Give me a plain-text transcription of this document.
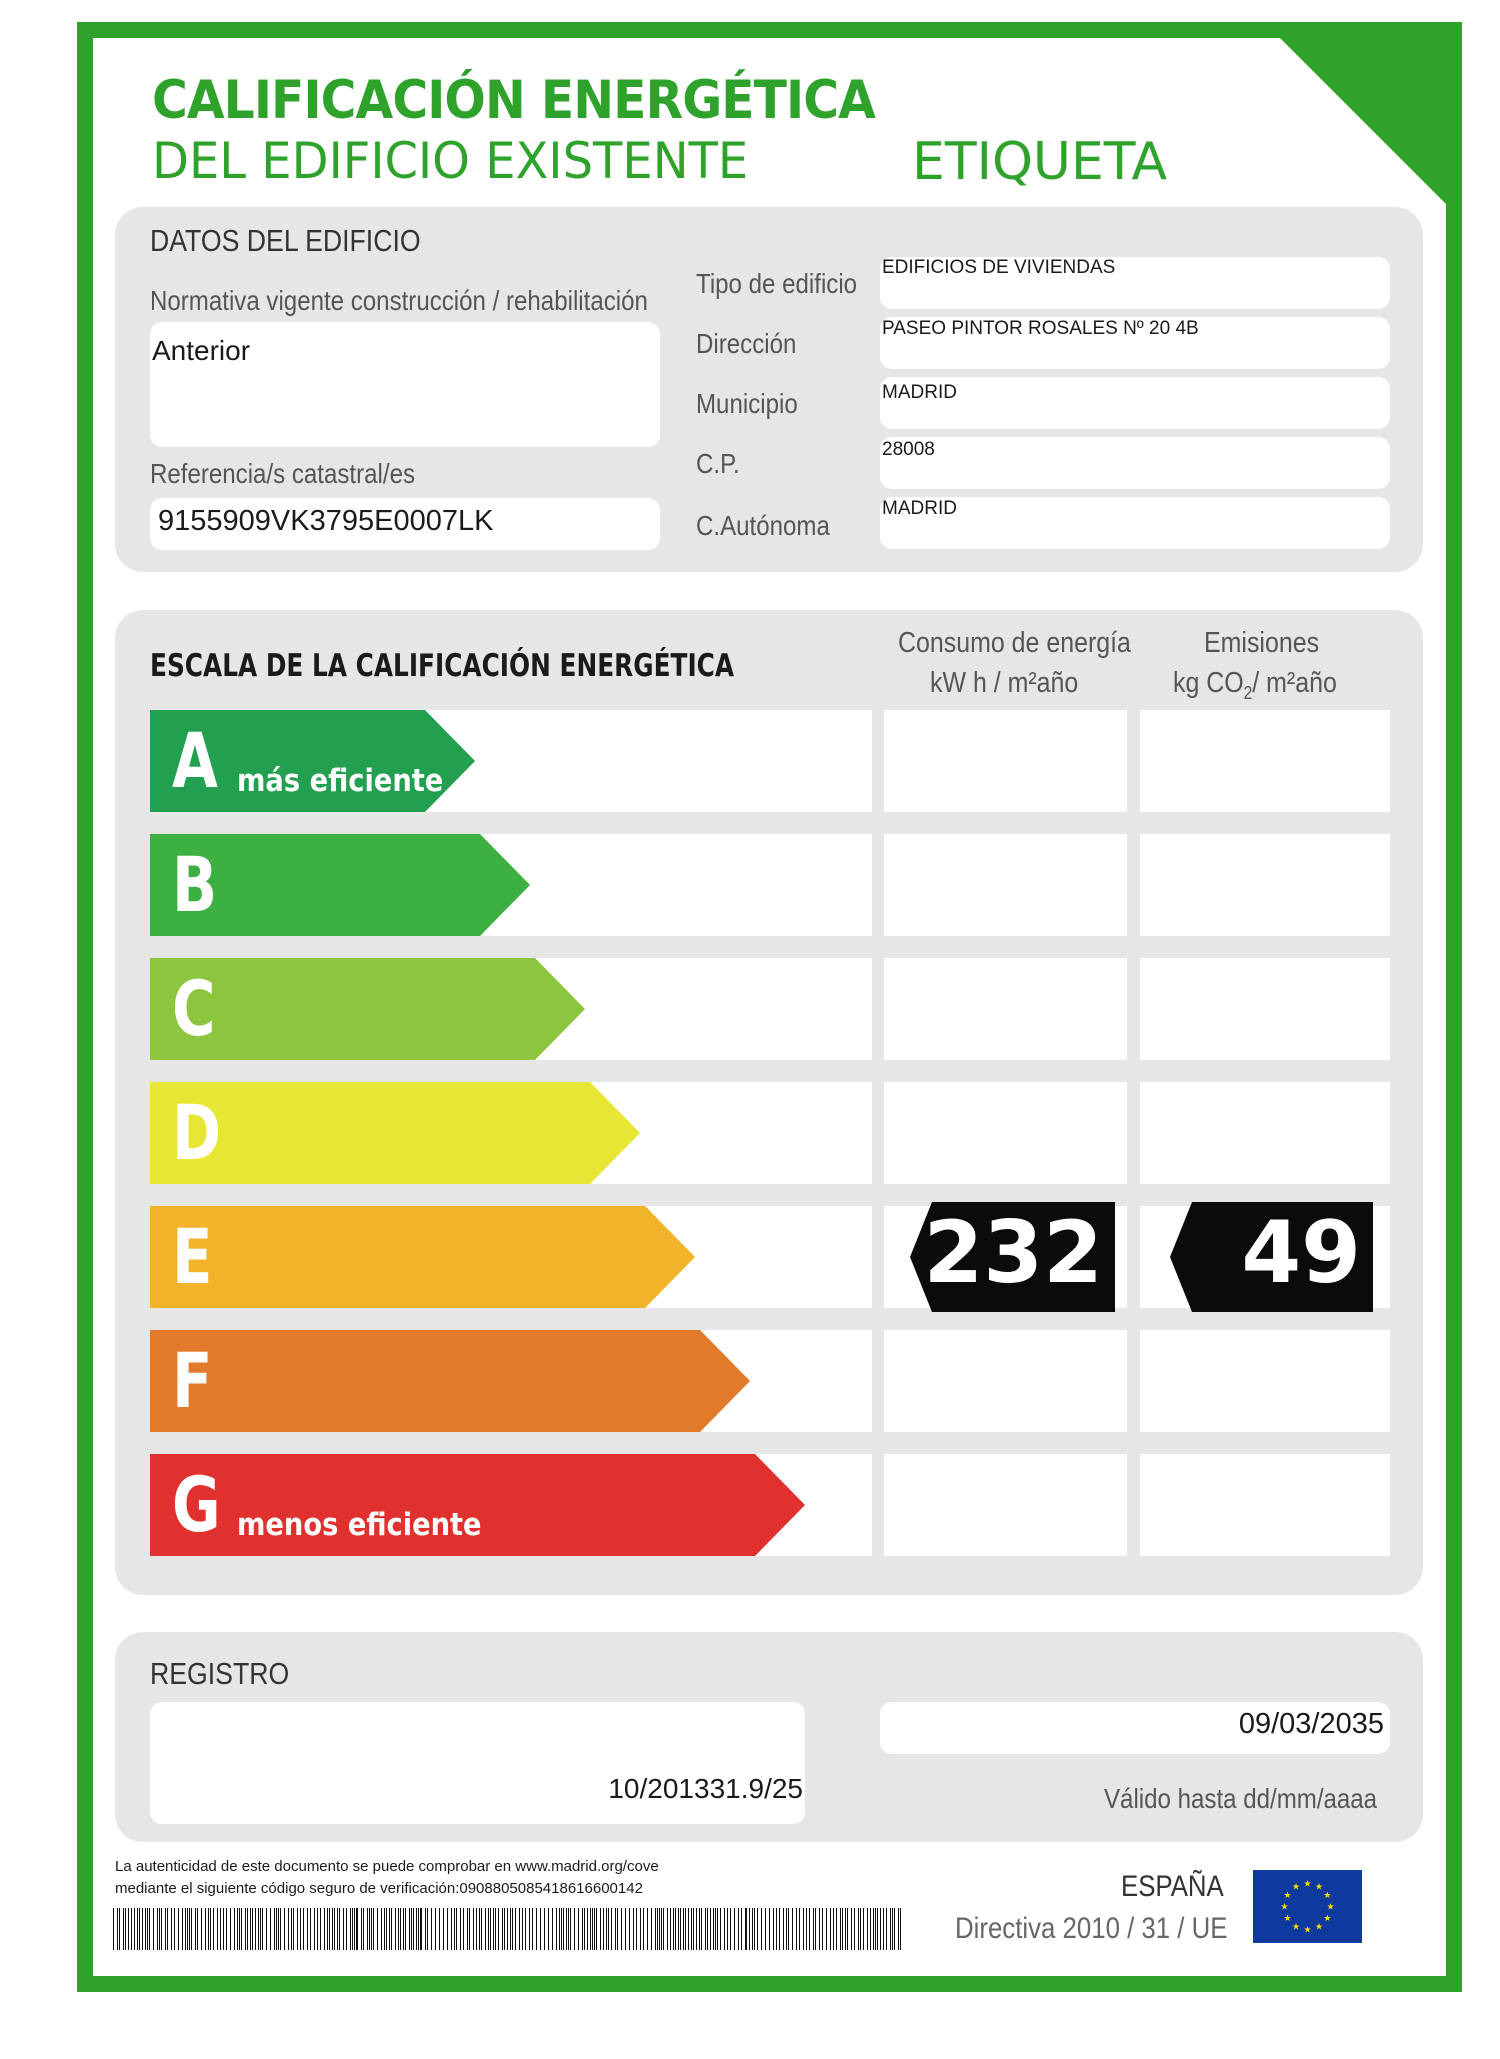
CALIFICACIÓN ENERGÉTICA
DEL EDIFICIO EXISTENTE	ETIQUETA
DATOS DEL EDIFICIO
Normativa vigente construcción / rehabilitación
Anterior
Referencia/s catastral/es
9155909VK3795E0007LK
Tipo de edificio
Dirección
Municipio
C.P.
C.Autónoma
EDIFICIOS DE VIVIENDAS
PASEO PINTOR ROSALES Nº 20 4B
MADRID
28008
MADRID
ESCALA DE LA CALIFICACIÓN ENERGÉTICA
Consumo de energía
kW h / m²año
Emisiones
kg $CO_2/$ m²año
A más eficiente
B
C
D
E
F
G menos eficiente
232 49
REGISTRO
10/201331.9/25
09/03/2035
Válido hasta dd/mm/aaaa
La autenticidad de este documento se puede comprobar en www.madrid.org/cove
mediante el siguiente código seguro de verificación:0908805085418616600142	ESPAÑA
Directiva 2010 / 31 / UE
★
★
★
★
★
★
★
★
★ ★ ★
★
